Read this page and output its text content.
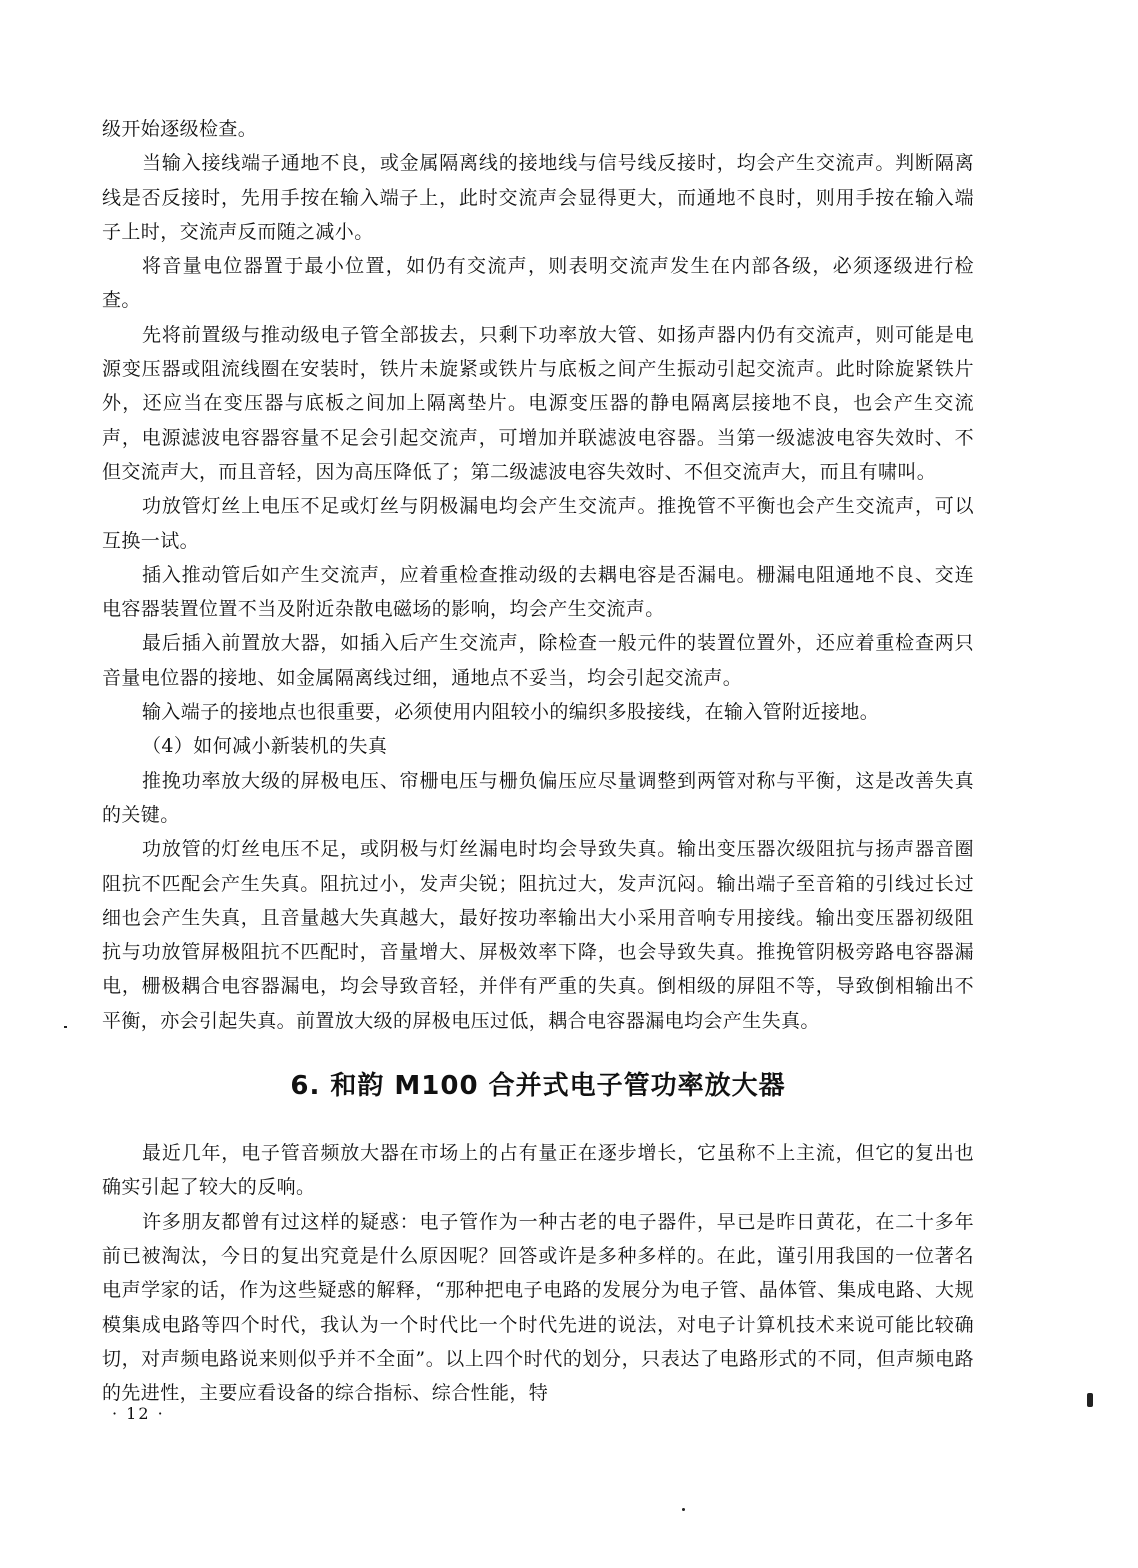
级开始逐级检查。

当输入接线端子通地不良，或金属隔离线的接地线与信号线反接时，均会产生交流声。判断隔离线是否反接时，先用手按在输入端子上，此时交流声会显得更大，而通地不良时，则用手按在输入端子上时，交流声反而随之减小。

将音量电位器置于最小位置，如仍有交流声，则表明交流声发生在内部各级，必须逐级进行检查。

先将前置级与推动级电子管全部拔去，只剩下功率放大管、如扬声器内仍有交流声，则可能是电源变压器或阻流线圈在安装时，铁片未旋紧或铁片与底板之间产生振动引起交流声。此时除旋紧铁片外，还应当在变压器与底板之间加上隔离垫片。电源变压器的静电隔离层接地不良，也会产生交流声，电源滤波电容器容量不足会引起交流声，可增加并联滤波电容器。当第一级滤波电容失效时、不但交流声大，而且音轻，因为高压降低了；第二级滤波电容失效时、不但交流声大，而且有啸叫。

功放管灯丝上电压不足或灯丝与阴极漏电均会产生交流声。推挽管不平衡也会产生交流声，可以互换一试。

插入推动管后如产生交流声，应着重检查推动级的去耦电容是否漏电。栅漏电阻通地不良、交连电容器装置位置不当及附近杂散电磁场的影响，均会产生交流声。

最后插入前置放大器，如插入后产生交流声，除检查一般元件的装置位置外，还应着重检查两只音量电位器的接地、如金属隔离线过细，通地点不妥当，均会引起交流声。

输入端子的接地点也很重要，必须使用内阻较小的编织多股接线，在输入管附近接地。

（4）如何减小新装机的失真

推挽功率放大级的屏极电压、帘栅电压与栅负偏压应尽量调整到两管对称与平衡，这是改善失真的关键。

功放管的灯丝电压不足，或阴极与灯丝漏电时均会导致失真。输出变压器次级阻抗与扬声器音圈阻抗不匹配会产生失真。阻抗过小，发声尖锐；阻抗过大，发声沉闷。输出端子至音箱的引线过长过细也会产生失真，且音量越大失真越大，最好按功率输出大小采用音响专用接线。输出变压器初级阻抗与功放管屏极阻抗不匹配时，音量增大、屏极效率下降，也会导致失真。推挽管阴极旁路电容器漏电，栅极耦合电容器漏电，均会导致音轻，并伴有严重的失真。倒相级的屏阻不等，导致倒相输出不平衡，亦会引起失真。前置放大级的屏极电压过低，耦合电容器漏电均会产生失真。

6. 和韵 M100 合并式电子管功率放大器

最近几年，电子管音频放大器在市场上的占有量正在逐步增长，它虽称不上主流，但它的复出也确实引起了较大的反响。

许多朋友都曾有过这样的疑惑：电子管作为一种古老的电子器件，早已是昨日黄花，在二十多年前已被淘汰，今日的复出究竟是什么原因呢？回答或许是多种多样的。在此，谨引用我国的一位著名电声学家的话，作为这些疑惑的解释，“那种把电子电路的发展分为电子管、晶体管、集成电路、大规模集成电路等四个时代，我认为一个时代比一个时代先进的说法，对电子计算机技术来说可能比较确切，对声频电路说来则似乎并不全面”。以上四个时代的划分，只表达了电路形式的不同，但声频电路的先进性，主要应看设备的综合指标、综合性能，特

· 12 ·
